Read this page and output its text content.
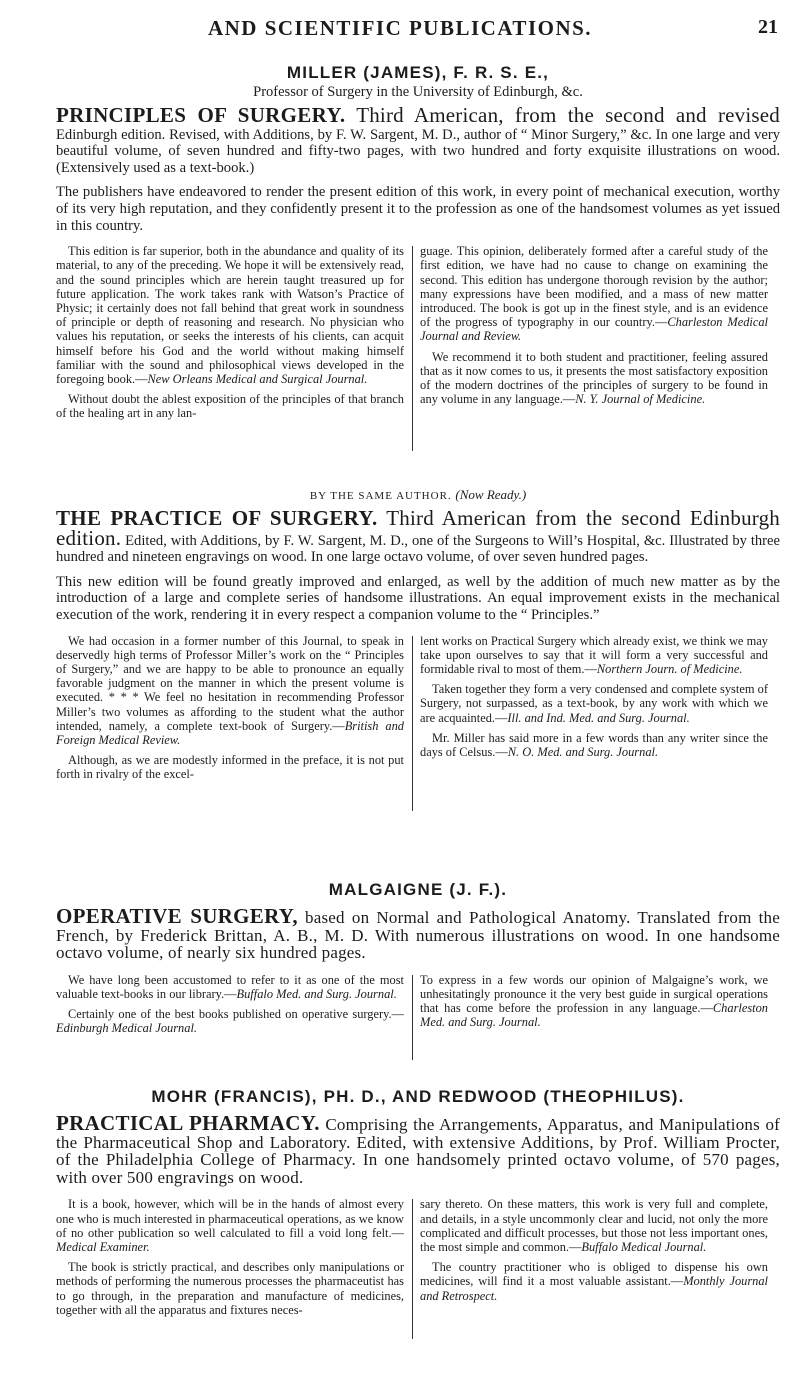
AND SCIENTIFIC PUBLICATIONS.	21
MILLER (JAMES), F. R. S. E.,
Professor of Surgery in the University of Edinburgh, &c.
PRINCIPLES OF SURGERY. Third American, from the second and revised Edinburgh edition. Revised, with Additions, by F. W. Sargent, M. D., author of “ Minor Surgery,” &c. In one large and very beautiful volume, of seven hundred and fifty-two pages, with two hundred and forty exquisite illustrations on wood. (Extensively used as a text-book.)
The publishers have endeavored to render the present edition of this work, in every point of mechanical execution, worthy of its very high reputation, and they confidently present it to the profession as one of the handsomest volumes as yet issued in this country.

This edition is far superior, both in the abundance and quality of its material, to any of the preceding. We hope it will be extensively read, and the sound principles which are herein taught treasured up for future application. The work takes rank with Watson’s Practice of Physic; it certainly does not fall behind that great work in soundness of principle or depth of reasoning and research. No physician who values his reputation, or seeks the interests of his clients, can acquit himself before his God and the world without making himself familiar with the sound and philosophical views developed in the foregoing book.—New Orleans Medical and Surgical Journal.

Without doubt the ablest exposition of the principles of that branch of the healing art in any lan-

guage. This opinion, deliberately formed after a careful study of the first edition, we have had no cause to change on examining the second. This edition has undergone thorough revision by the author; many expressions have been modified, and a mass of new matter introduced. The book is got up in the finest style, and is an evidence of the progress of typography in our country.—Charleston Medical Journal and Review.

We recommend it to both student and practitioner, feeling assured that as it now comes to us, it presents the most satisfactory exposition of the modern doctrines of the principles of surgery to be found in any volume in any language.—N. Y. Journal of Medicine.

BY THE SAME AUTHOR. (Now Ready.)
THE PRACTICE OF SURGERY. Third American from the second Edinburgh edition. Edited, with Additions, by F. W. Sargent, M. D., one of the Surgeons to Will’s Hospital, &c. Illustrated by three hundred and nineteen engravings on wood. In one large octavo volume, of over seven hundred pages.
This new edition will be found greatly improved and enlarged, as well by the addition of much new matter as by the introduction of a large and complete series of handsome illustrations. An equal improvement exists in the mechanical execution of the work, rendering it in every respect a companion volume to the “ Principles.”

We had occasion in a former number of this Journal, to speak in deservedly high terms of Professor Miller’s work on the “ Principles of Surgery,” and we are happy to be able to pronounce an equally favorable judgment on the manner in which the present volume is executed. * * * We feel no hesitation in recommending Professor Miller’s two volumes as affording to the student what the author intended, namely, a complete text-book of Surgery.—British and Foreign Medical Review.

Although, as we are modestly informed in the preface, it is not put forth in rivalry of the excel-

lent works on Practical Surgery which already exist, we think we may take upon ourselves to say that it will form a very successful and formidable rival to most of them.—Northern Journ. of Medicine.

Taken together they form a very condensed and complete system of Surgery, not surpassed, as a text-book, by any work with which we are acquainted.—Ill. and Ind. Med. and Surg. Journal.

Mr. Miller has said more in a few words than any writer since the days of Celsus.—N. O. Med. and Surg. Journal.

MALGAIGNE (J. F.).
OPERATIVE SURGERY, based on Normal and Pathological Anatomy. Translated from the French, by Frederick Brittan, A. B., M. D. With numerous illustrations on wood. In one handsome octavo volume, of nearly six hundred pages.

We have long been accustomed to refer to it as one of the most valuable text-books in our library.—Buffalo Med. and Surg. Journal.

Certainly one of the best books published on operative surgery.—Edinburgh Medical Journal.

To express in a few words our opinion of Malgaigne’s work, we unhesitatingly pronounce it the very best guide in surgical operations that has come before the profession in any language.—Charleston Med. and Surg. Journal.

MOHR (FRANCIS), PH. D., AND REDWOOD (THEOPHILUS).
PRACTICAL PHARMACY. Comprising the Arrangements, Apparatus, and Manipulations of the Pharmaceutical Shop and Laboratory. Edited, with extensive Additions, by Prof. William Procter, of the Philadelphia College of Pharmacy. In one handsomely printed octavo volume, of 570 pages, with over 500 engravings on wood.

It is a book, however, which will be in the hands of almost every one who is much interested in pharmaceutical operations, as we know of no other publication so well calculated to fill a void long felt.—Medical Examiner.

The book is strictly practical, and describes only manipulations or methods of performing the numerous processes the pharmaceutist has to go through, in the preparation and manufacture of medicines, together with all the apparatus and fixtures neces-

sary thereto. On these matters, this work is very full and complete, and details, in a style uncommonly clear and lucid, not only the more complicated and difficult processes, but those not less important ones, the most simple and common.—Buffalo Medical Journal.

The country practitioner who is obliged to dispense his own medicines, will find it a most valuable assistant.—Monthly Journal and Retrospect.
